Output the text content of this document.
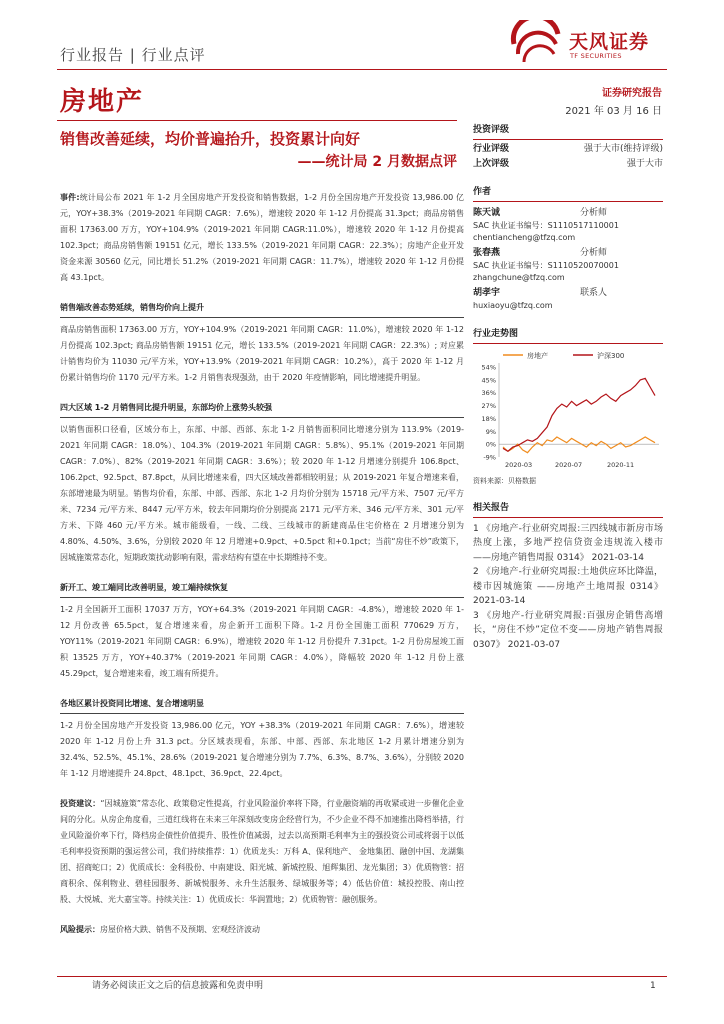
行业报告 | 行业点评
天风证券
TF SECURITIES
房地产	证券研究报告
2021 年 03 月 16 日
销售改善延续，均价普遍抬升，投资累计向好
——统计局 2 月数据点评
事件:统计局公布 2021 年 1-2 月全国房地产开发投资和销售数据，1-2 月份全国房地产开发投资 13,986.00 亿元，YOY+38.3%（2019-2021 年同期 CAGR：7.6%），增速较 2020 年 1-12 月份提高 31.3pct；商品房销售面积 17363.00 万方，YOY+104.9%（2019-2021 年同期 CAGR:11.0%），增速较 2020 年 1-12 月份提高 102.3pct；商品房销售额 19151 亿元，增长 133.5%（2019-2021 年同期 CAGR：22.3%）；房地产企业开发资金来源 30560 亿元，同比增长 51.2%（2019-2021 年同期 CAGR：11.7%），增速较 2020 年 1-12 月份提高 43.1pct。
销售端改善态势延续，销售均价向上提升
商品房销售面积 17363.00 万方，YOY+104.9%（2019-2021 年同期 CAGR：11.0%），增速较 2020 年 1-12 月份提高 102.3pct; 商品房销售额 19151 亿元，增长 133.5%（2019-2021 年同期 CAGR：22.3%）; 对应累计销售均价为 11030 元/平方米，YOY+13.9%（2019-2021 年同期 CAGR：10.2%），高于 2020 年 1-12 月份累计销售均价 1170 元/平方米。1-2 月销售表现强劲，由于 2020 年疫情影响，同比增速提升明显。
四大区域 1-2 月销售同比提升明显，东部均价上涨势头较强
以销售面积口径看，区域分布上，东部、中部、西部、东北 1-2 月销售面积同比增速分别为 113.9%（2019-2021 年同期 CAGR：18.0%）、104.3%（2019-2021 年同期 CAGR：5.8%）、95.1%（2019-2021 年同期 CAGR：7.0%）、82%（2019-2021 年同期 CAGR：3.6%）；较 2020 年 1-12 月增速分别提升 106.8pct、106.2pct、92.5pct、87.8pct，从同比增速来看，四大区域改善都相较明显；从 2019-2021 年复合增速来看，东部增速最为明显。销售均价看，东部、中部、西部、东北 1-2 月均价分别为 15718 元/平方米、7507 元/平方米、7234 元/平方米、8447 元/平方米，较去年同期均价分别提高 2171 元/平方米、346 元/平方米、301 元/平方米、下降 460 元/平方米。城市能级看，一线、二线、三线城市的新建商品住宅价格在 2 月增速分别为 4.80%、4.50%、3.6%，分别较 2020 年 12 月增速+0.9pct、+0.5pct 和+0.1pct；当前“房住不炒”政策下，因城施策常态化，短期政策扰动影响有限，需求结构有望在中长期维持不变。
新开工、竣工端同比改善明显，竣工端持续恢复
1-2 月全国新开工面积 17037 万方，YOY+64.3%（2019-2021 年同期 CAGR：-4.8%），增速较 2020 年 1-12 月份改善 65.5pct，复合增速来看，房企新开工面积下降。1-2 月份全国施工面积 770629 万方，YOY11%（2019-2021 年同期 CAGR：6.9%），增速较 2020 年 1-12 月份提升 7.31pct。1-2 月份房屋竣工面积 13525 万方，YOY+40.37%（2019-2021 年同期 CAGR：4.0%），降幅较 2020 年 1-12 月份上涨 45.29pct，复合增速来看，竣工端有所提升。
各地区累计投资同比增速、复合增速明显
1-2 月份全国房地产开发投资 13,986.00 亿元，YOY +38.3%（2019-2021 年同期 CAGR：7.6%），增速较 2020 年 1-12 月份上升 31.3 pct。分区域表现看，东部、中部、西部、东北地区 1-2 月累计增速分别为 32.4%、52.5%、45.1%、28.6%（2019-2021 复合增速分别为 7.7%、6.3%、8.7%、3.6%），分别较 2020 年 1-12 月增速提升 24.8pct、48.1pct、36.9pct、22.4pct。
投资建议：“因城施策”常态化、政策稳定性提高，行业风险溢价率将下降，行业融资端的再收紧或进一步催化企业间的分化。从房企角度看，三道红线将在未来三年深刻改变房企经营行为，不少企业不得不加速推出降档举措，行业风险溢价率下行，降档房企债性价值提升、股性价值减弱，过去以高预期毛利率为主的强投资公司或将弱于以低毛利率投资预期的强运营公司，我们持续推荐：1）优质龙头：万科 A、保利地产、 金地集团、融创中国、龙湖集团、招商蛇口；2）优质成长：金科股份、中南建设、阳光城、新城控股、旭辉集团、龙光集团；3）优质物管：招商积余、保利物业、碧桂园服务、新城悦服务、永升生活服务、绿城服务等；4）低估价值：城投控股、南山控股、大悦城、光大嘉宝等。持续关注：1）优质成长：华润置地；2）优质物管：融创服务。
风险提示：房屋价格大跌、销售不及预期、宏观经济波动
投资评级
行业评级	强于大市(维持评级)
上次评级	强于大市
作者
陈天诚	分析师
SAC 执业证书编号：S1110517110001
chentiancheng@tfzq.com
张春燕	分析师
SAC 执业证书编号：S1110520070001
zhangchune@tfzq.com
胡孝宇	联系人
huxiaoyu@tfzq.com
行业走势图
房地产	沪深300
54%
45%
36%
27%
18%
9%
0%
-9%
2020-03	2020-07	2020-11
资料来源：贝格数据
相关报告
1 《房地产-行业研究周报:三四线城市新房市场热度上涨，多地严控信贷资金违规流入楼市 ——房地产销售周报 0314》 2021-03-14
2 《房地产-行业研究周报:土地供应环比降温，楼市因城施策 ——房地产土地周报 0314》 2021-03-14
3 《房地产-行业研究周报:百强房企销售高增长，“房住不炒”定位不变——房地产销售周报 0307》 2021-03-07
请务必阅读正文之后的信息披露和免责申明	1
